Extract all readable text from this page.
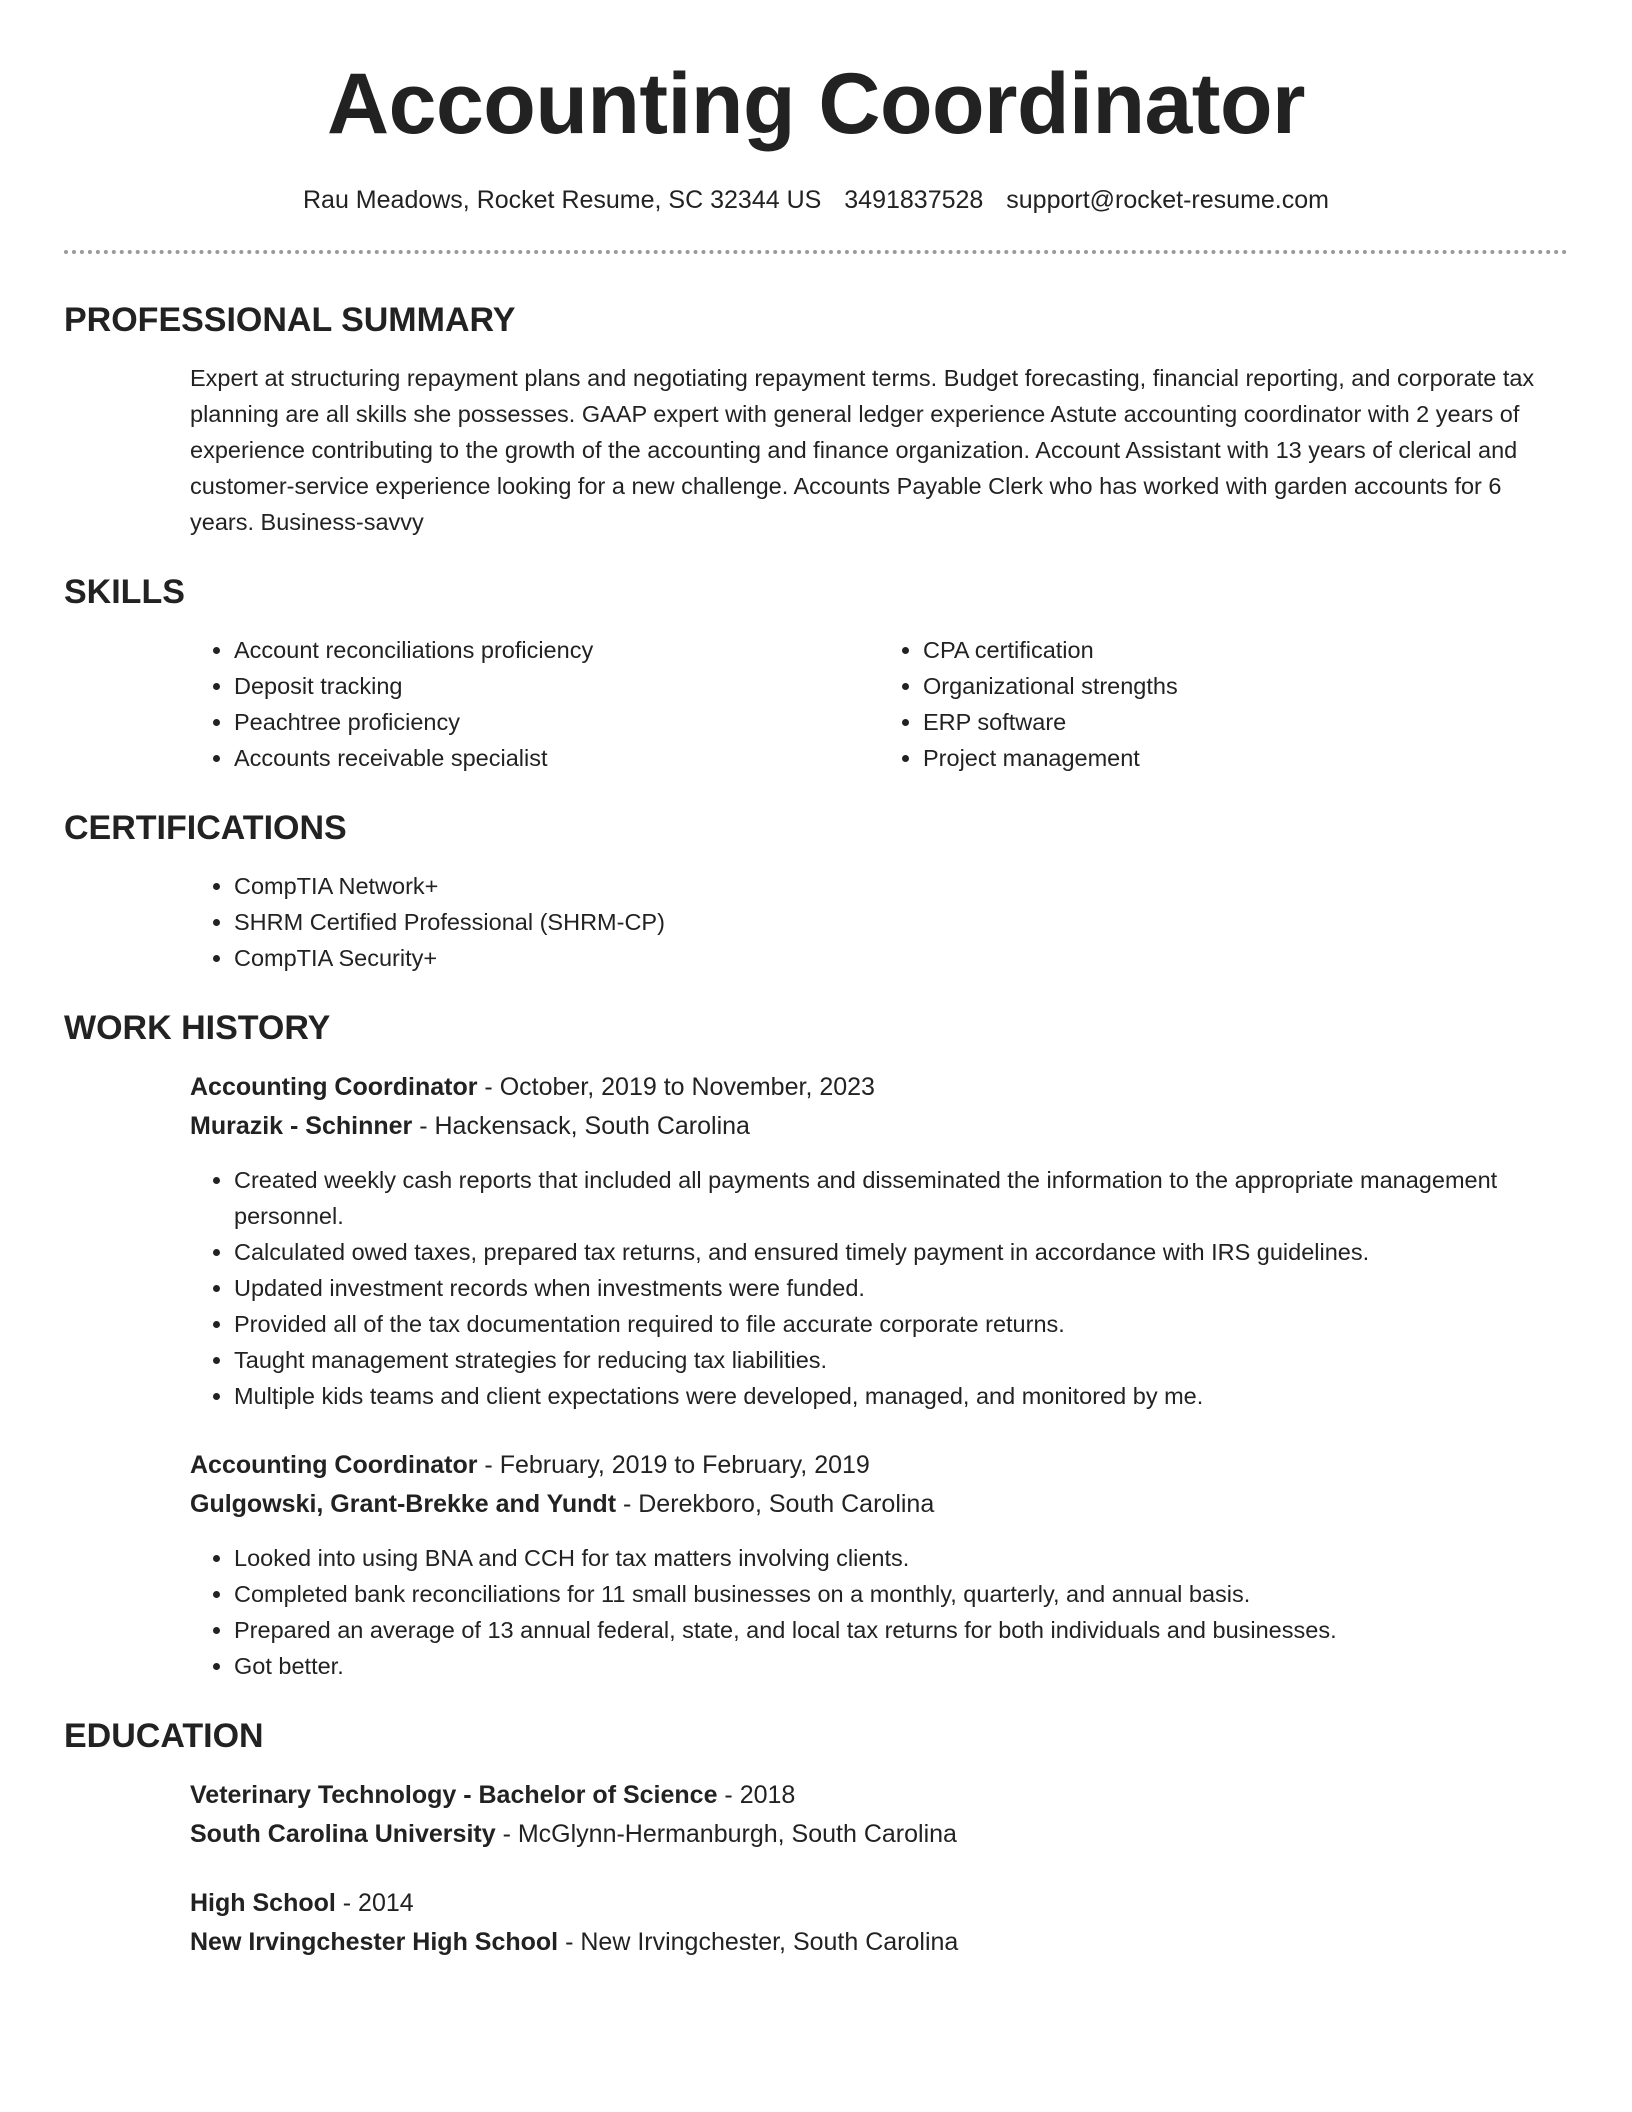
Accounting Coordinator
Rau Meadows, Rocket Resume, SC 32344 US 3491837528 support@rocket-resume.com
PROFESSIONAL SUMMARY
Expert at structuring repayment plans and negotiating repayment terms. Budget forecasting, financial reporting, and corporate tax planning are all skills she possesses. GAAP expert with general ledger experience Astute accounting coordinator with 2 years of experience contributing to the growth of the accounting and finance organization. Account Assistant with 13 years of clerical and customer-service experience looking for a new challenge. Accounts Payable Clerk who has worked with garden accounts for 6 years. Business-savvy
SKILLS
• Account reconciliations proficiency
• Deposit tracking
• Peachtree proficiency
• Accounts receivable specialist
• CPA certification
• Organizational strengths
• ERP software
• Project management
CERTIFICATIONS
• CompTIA Network+
• SHRM Certified Professional (SHRM-CP)
• CompTIA Security+
WORK HISTORY
Accounting Coordinator - October, 2019 to November, 2023
Murazik - Schinner - Hackensack, South Carolina
• Created weekly cash reports that included all payments and disseminated the information to the appropriate management personnel.
• Calculated owed taxes, prepared tax returns, and ensured timely payment in accordance with IRS guidelines.
• Updated investment records when investments were funded.
• Provided all of the tax documentation required to file accurate corporate returns.
• Taught management strategies for reducing tax liabilities.
• Multiple kids teams and client expectations were developed, managed, and monitored by me.
Accounting Coordinator - February, 2019 to February, 2019
Gulgowski, Grant-Brekke and Yundt - Derekboro, South Carolina
• Looked into using BNA and CCH for tax matters involving clients.
• Completed bank reconciliations for 11 small businesses on a monthly, quarterly, and annual basis.
• Prepared an average of 13 annual federal, state, and local tax returns for both individuals and businesses.
• Got better.
EDUCATION
Veterinary Technology - Bachelor of Science - 2018
South Carolina University - McGlynn-Hermanburgh, South Carolina
High School - 2014
New Irvingchester High School - New Irvingchester, South Carolina
